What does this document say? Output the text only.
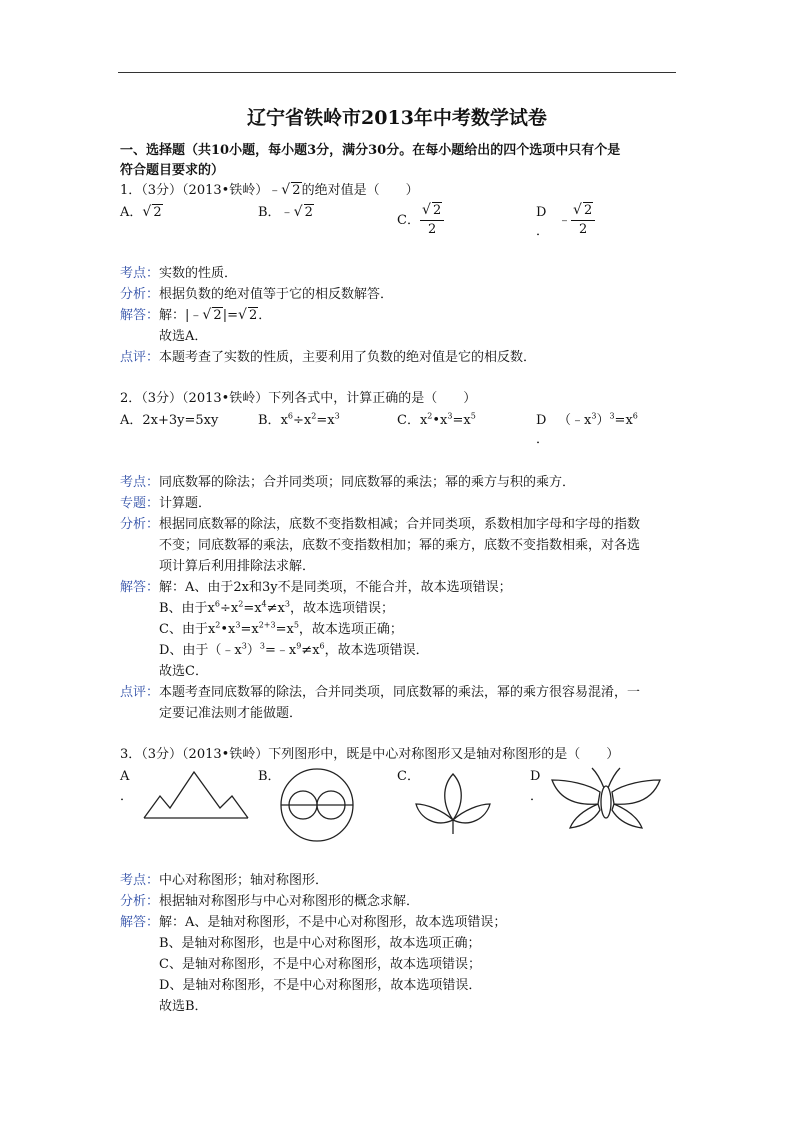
辽宁省铁岭市2013年中考数学试卷
一、选择题（共10小题，每小题3分，满分30分。在每小题给出的四个选项中只有个是
符合题目要求的）
1．（3分）（2013•铁岭）﹣ √ 2的绝对值是（　　）
A． √ 2	B．﹣ √ 2
C． √ $\frac{2}{2}$	D
．
﹣ √ $\frac{2}{2}$
考点：实数的性质．
分析：根据负数的绝对值等于它的相反数解答．
解答：解：|﹣ √ 2|= √ 2．
故选A．
点评：本题考查了实数的性质，主要利用了负数的绝对值是它的相反数．
2．（3分）（2013•铁岭）下列各式中，计算正确的是（　　）
A．2x+3y=5xy	B．$x^6\div x^2=x^3$	C．$x^2•x^3=x^5$	D
．
$(﹣x^3)^3=x^6$
考点：同底数幂的除法；合并同类项；同底数幂的乘法；幂的乘方与积的乘方．
专题：计算题．
分析：根据同底数幂的除法，底数不变指数相减；合并同类项，系数相加字母和字母的指数
不变；同底数幂的乘法，底数不变指数相加；幂的乘方，底数不变指数相乘，对各选
项计算后利用排除法求解．
解答：解：A、由于2x和3y不是同类项，不能合并，故本选项错误；
B、由于$x^6\div x^2=x^4\ne x^3$，故本选项错误；
C、由于$x^2•x^3=x^{2+3}=x^5$，故本选项正确；
D、由于$(﹣x^3)^3=﹣x^9\ne x^6$，故本选项错误．
故选C．
点评：本题考查同底数幂的除法，合并同类项，同底数幂的乘法，幂的乘方很容易混淆，一
定要记准法则才能做题．
3．（3分）（2013•铁岭）下列图形中，既是中心对称图形又是轴对称图形的是（　　）
A
．
B．	C．	D
．
考点：中心对称图形；轴对称图形．
分析：根据轴对称图形与中心对称图形的概念求解．
解答：解：A、是轴对称图形，不是中心对称图形，故本选项错误；
B、是轴对称图形，也是中心对称图形，故本选项正确；
C、是轴对称图形，不是中心对称图形，故本选项错误；
D、是轴对称图形，不是中心对称图形，故本选项错误．
故选B．
